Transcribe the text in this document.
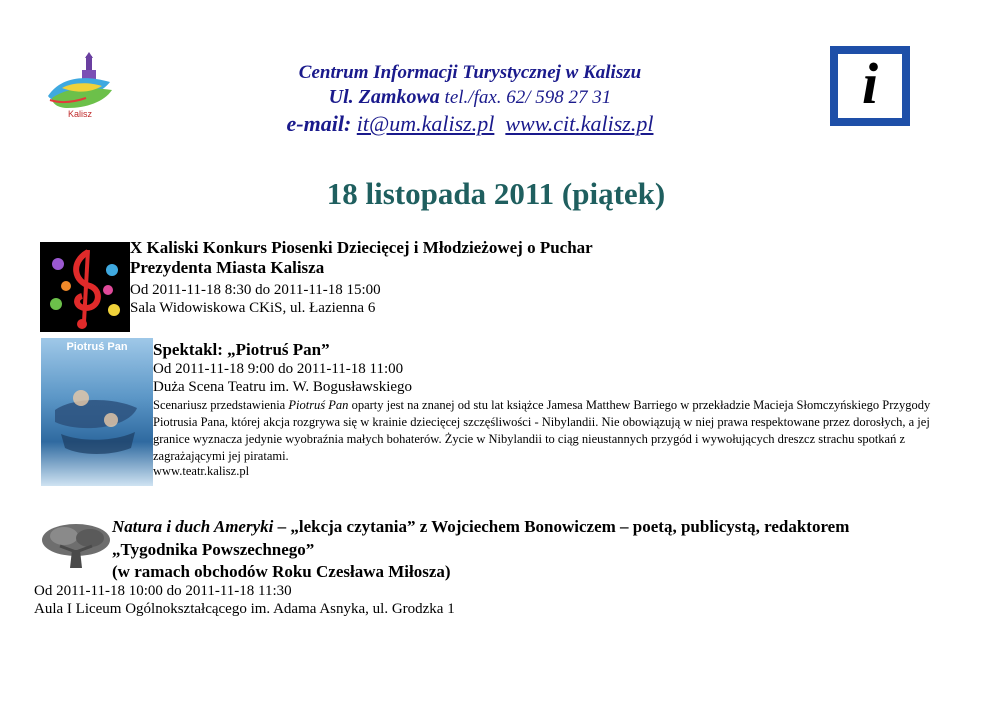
Kalisz
Centrum Informacji Turystycznej w Kaliszu
Ul. Zamkowa tel./fax. 62/ 598 27 31
e-mail: it@um.kalisz.pl www.cit.kalisz.pl
i
18 listopada 2011 (piątek)
X Kaliski Konkurs Piosenki Dziecięcej i Młodzieżowej o Puchar Prezydenta Miasta Kalisza
Od 2011-11-18 8:30 do 2011-11-18 15:00
Sala Widowiskowa CKiS, ul. Łazienna 6
Piotruś Pan	Spektakl: „Piotruś Pan”
Od 2011-11-18 9:00 do 2011-11-18 11:00
Duża Scena Teatru im. W. Bogusławskiego
Scenariusz przedstawienia Piotruś Pan oparty jest na znanej od stu lat książce Jamesa Matthew Barriego w przekładzie Macieja Słomczyńskiego Przygody Piotrusia Pana, której akcja rozgrywa się w krainie dziecięcej szczęśliwości - Nibylandii. Nie obowiązują w niej prawa respektowane przez dorosłych, a jej granice wyznacza jedynie wyobraźnia małych bohaterów. Życie w Nibylandii to ciąg nieustannych przygód i wywołujących dreszcz strachu spotkań z zagrażającymi jej piratami.
www.teatr.kalisz.pl
Natura i duch Ameryki – „lekcja czytania” z Wojciechem Bonowiczem – poetą, publicystą, redaktorem
„Tygodnika Powszechnego”
(w ramach obchodów Roku Czesława Miłosza)
Od 2011-11-18 10:00 do 2011-11-18 11:30
Aula I Liceum Ogólnokształcącego im. Adama Asnyka, ul. Grodzka 1
